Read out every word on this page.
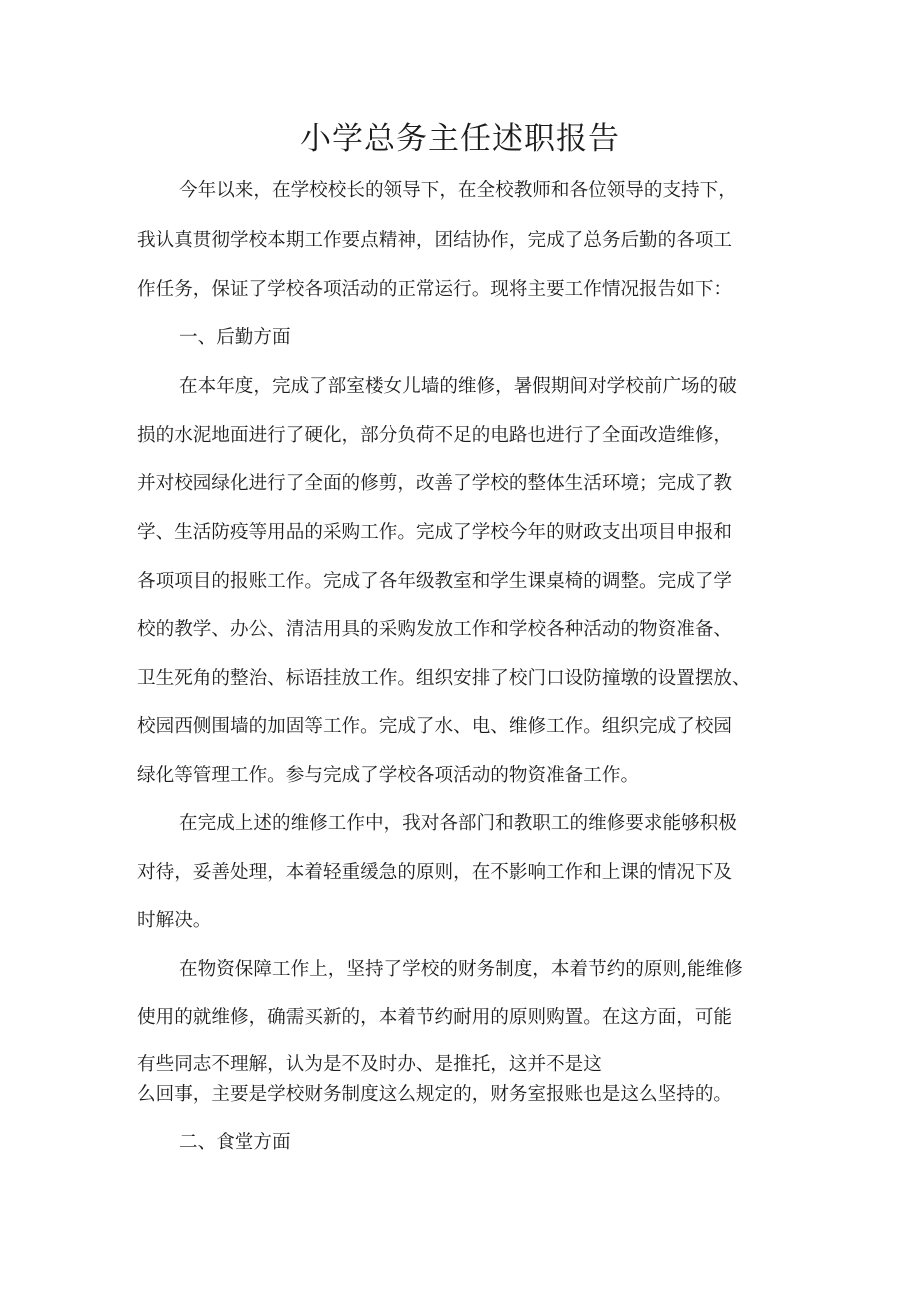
小学总务主任述职报告

今年以来，在学校校长的领导下，在全校教师和各位领导的支持下，

我认真贯彻学校本期工作要点精神，团结协作，完成了总务后勤的各项工

作任务，保证了学校各项活动的正常运行。现将主要工作情况报告如下：

一、后勤方面

在本年度，完成了部室楼女儿墙的维修，暑假期间对学校前广场的破

损的水泥地面进行了硬化，部分负荷不足的电路也进行了全面改造维修，

并对校园绿化进行了全面的修剪，改善了学校的整体生活环境；完成了教

学、生活防疫等用品的采购工作。完成了学校今年的财政支出项目申报和

各项项目的报账工作。完成了各年级教室和学生课桌椅的调整。完成了学

校的教学、办公、清洁用具的采购发放工作和学校各种活动的物资准备、

卫生死角的整治、标语挂放工作。组织安排了校门口设防撞墩的设置摆放、

校园西侧围墙的加固等工作。完成了水、电、维修工作。组织完成了校园

绿化等管理工作。参与完成了学校各项活动的物资准备工作。

在完成上述的维修工作中，我对各部门和教职工的维修要求能够积极

对待，妥善处理，本着轻重缓急的原则，在不影响工作和上课的情况下及

时解决。

在物资保障工作上，坚持了学校的财务制度，本着节约的原则,能维修

使用的就维修，确需买新的，本着节约耐用的原则购置。在这方面，可能

有些同志不理解，认为是不及时办、是推托，这并不是这

么回事，主要是学校财务制度这么规定的，财务室报账也是这么坚持的。

二、食堂方面
